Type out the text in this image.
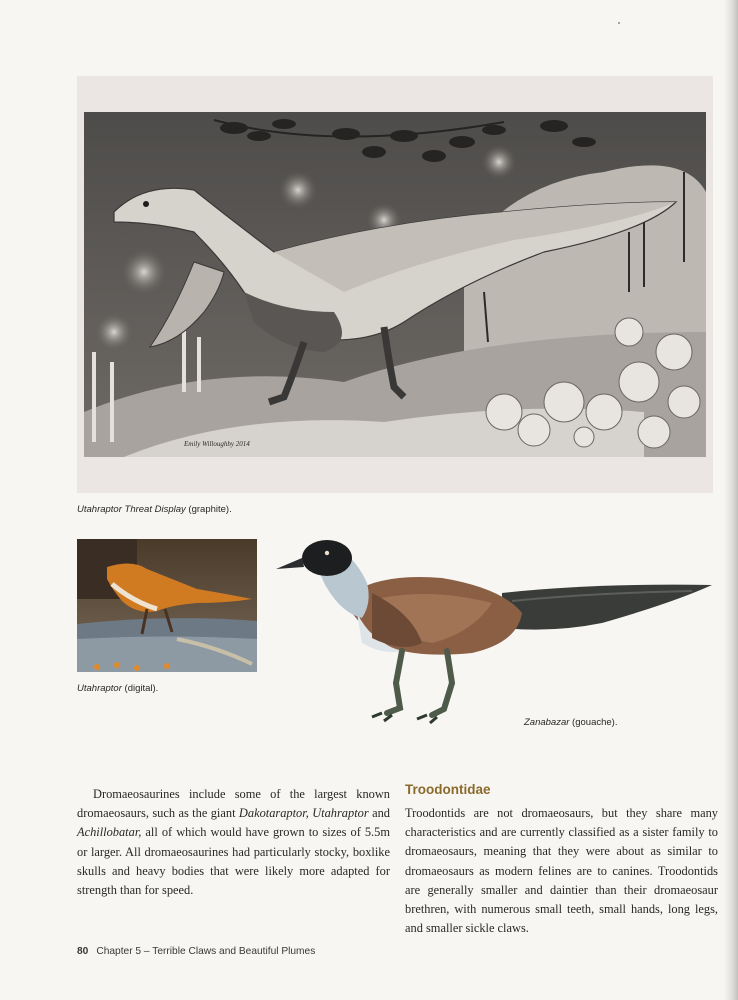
Emily Willoughby 2014
Utahraptor Threat Display (graphite).
Utahraptor (digital).
Zanabazar (gouache).
Dromaeosaurines include some of the largest known dromaeosaurs, such as the giant Dakotaraptor, Utahraptor and Achillobatar, all of which would have grown to sizes of 5.5m or larger. All dromaeosaurines had particularly stocky, boxlike skulls and heavy bodies that were likely more adapted for strength than for speed.
Troodontidae
Troodontids are not dromaeosaurs, but they share many characteristics and are currently classified as a sister family to dromaeosaurs, meaning that they were about as similar to dromaeosaurs as modern felines are to canines. Troodontids are generally smaller and daintier than their dromaeosaur brethren, with numerous small teeth, small hands, long legs, and smaller sickle claws.
80 Chapter 5 – Terrible Claws and Beautiful Plumes
